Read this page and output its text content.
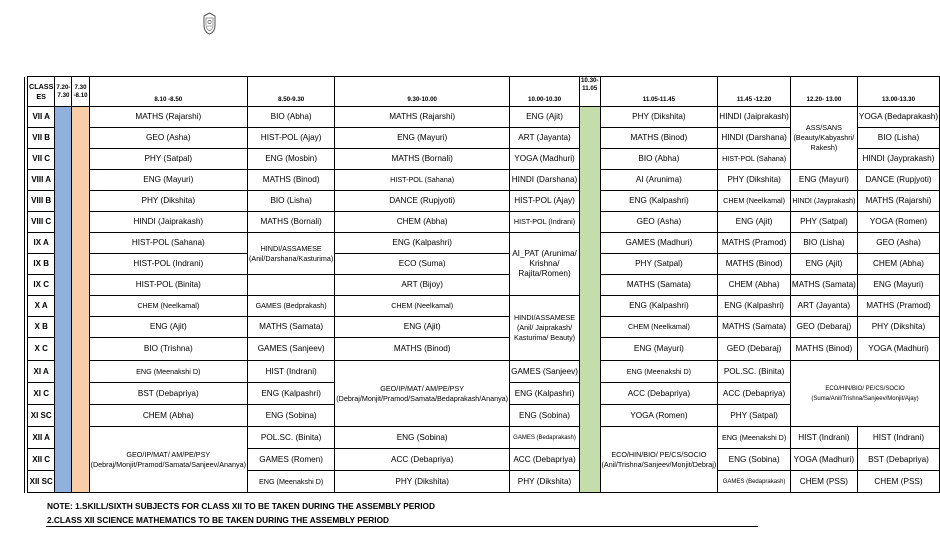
	CLASS ES	7.20-7.30	7.30 -8.10	8.10 -8.50	8.50-9.30	9.30-10.00	10.00-10.30	10.30-11.05	11.05-11.45	11.45 -12.20	12.20- 13.00	13.00-13.30
	VII A			MATHS (Rajarshi)	BIO (Abha)	MATHS (Rajarshi)	ENG (Ajit)		PHY (Dikshita)	HINDI (Jaiprakash)	ASS/SANS (Beauty/Kabyashri/ Rakesh)	YOGA (Bedaprakash)
	VII B			GEO (Asha)	HIST-POL (Ajay)	ENG (Mayuri)	ART (Jayanta)		MATHS (Binod)	HINDI (Darshana)		BIO (Lisha)
	VII C			PHY (Satpal)	ENG (Mosbin)	MATHS (Bornali)	YOGA (Madhuri)		BIO (Abha)	HIST-POL (Sahana)		HINDI (Jayprakash)
	VIII A			ENG (Mayuri)	MATHS (Binod)	HIST-POL (Sahana)	HINDI (Darshana)		AI (Arunima)	PHY (Dikshita)	ENG (Mayuri)	DANCE (Rupjyoti)
	VIII B			PHY (Dikshita)	BIO (Lisha)	DANCE (Rupjyoti)	HIST-POL (Ajay)		ENG (Kalpashri)	CHEM (Neelkamal)	HINDI (Jayprakash)	MATHS (Rajarshi)
	VIII C			HINDI (Jaiprakash)	MATHS (Bornali)	CHEM (Abha)	HIST-POL (Indrani)		GEO (Asha)	ENG (Ajit)	PHY (Satpal)	YOGA (Romen)
	IX A			HIST-POL (Sahana)	HINDI/ASSAMESE (Anil/Darshana/Kasturima)	ENG (Kalpashri)	AI_PAT (Arunima/ Krishna/ Rajita/Romen)		GAMES (Madhuri)	MATHS (Pramod)	BIO (Lisha)	GEO (Asha)
	IX B			HIST-POL (Indrani)		ECO (Suma)			PHY (Satpal)	MATHS (Binod)	ENG (Ajit)	CHEM (Abha)
	IX C			HIST-POL (Binita)		ART (Bijoy)			MATHS (Samata)	CHEM (Abha)	MATHS (Samata)	ENG (Mayuri)
	X A			CHEM (Neelkamal)	GAMES (Bedprakash)	CHEM (Neelkamal)	HINDI/ASSAMESE (Anil/ Jaiprakash/ Kasturima/ Beauty)		ENG (Kalpashri)	ENG (Kalpashri)	ART (Jayanta)	MATHS (Pramod)
	X B			ENG (Ajit)	MATHS (Samata)	ENG (Ajit)			CHEM (Neelkamal)	MATHS (Samata)	GEO (Debaraj)	PHY (Dikshita)
	X C			BIO (Trishna)	GAMES (Sanjeev)	MATHS (Binod)			ENG (Mayuri)	GEO (Debaraj)	MATHS (Binod)	YOGA (Madhuri)
	XI A			ENG (Meenakshi D)	HIST (Indrani)	GEO/IP/MAT/ AM/PE/PSY (Debraj/Monjit/Pramod/Samata/Bedaprakash/Ananya)	GAMES (Sanjeev)		ENG (Meenakshi D)	POL.SC. (Binita)	ECO/HIN/BIO/ PE/CS/SOCIO (Suma/Anil/Trishna/Sanjeev/Monjit/Ajay)	
	XI C			BST (Debapriya)	ENG (Kalpashri)		ENG (Kalpashri)		ACC (Debapriya)	ACC (Debapriya)		
	XI SC			CHEM (Abha)	ENG (Sobina)		ENG (Sobina)		YOGA (Romen)	PHY (Satpal)		
	XII A			GEO/IP/MAT/ AM/PE/PSY (Debraj/Monjit/Pramod/Samata/Sanjeev/Ananya)	POL.SC. (Binita)	ENG (Sobina)	GAMES (Bedaprakash)		ECO/HIN/BIO/ PE/CS/SOCIO (Anil/Trishna/Sanjeev/Monjit/Debraj)	ENG (Meenakshi D)	HIST (Indrani)	HIST (Indrani)
	XII C				GAMES (Romen)	ACC (Debapriya)	ACC (Debapriya)			ENG (Sobina)	YOGA (Madhuri)	BST (Debapriya)
	XII SC				ENG (Meenakshi D)	PHY (Dikshita)	PHY (Dikshita)			GAMES (Bedaprakash)	CHEM (PSS)	CHEM (PSS)
NOTE: 1.SKILL/SIXTH SUBJECTS FOR CLASS XII TO BE TAKEN DURING THE ASSEMBLY PERIOD
2.CLASS XII SCIENCE MATHEMATICS TO BE TAKEN DURING THE ASSEMBLY PERIOD
